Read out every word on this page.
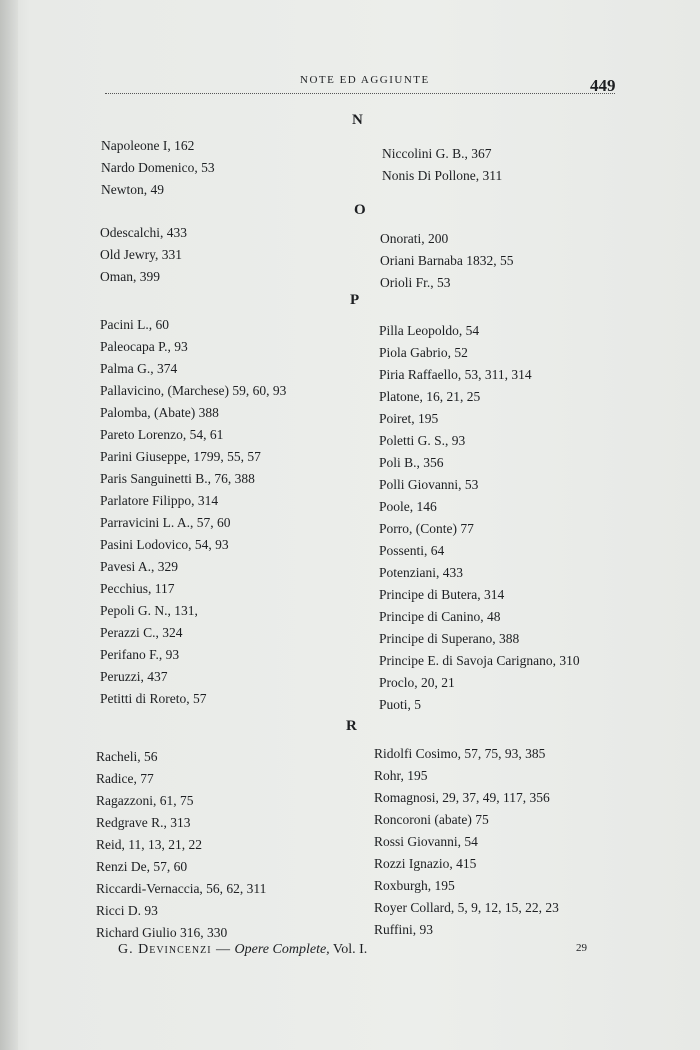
NOTE ED AGGIUNTE	449
N
Napoleone I, 162
Nardo Domenico, 53
Newton, 49
Niccolini G. B., 367
Nonis Di Pollone, 311
O
Odescalchi, 433
Old Jewry, 331
Oman, 399
Onorati, 200
Oriani Barnaba 1832, 55
Orioli Fr., 53
P
Pacini L., 60
Paleocapa P., 93
Palma G., 374
Pallavicino, (Marchese) 59, 60, 93
Palomba, (Abate) 388
Pareto Lorenzo, 54, 61
Parini Giuseppe, 1799, 55, 57
Paris Sanguinetti B., 76, 388
Parlatore Filippo, 314
Parravicini L. A., 57, 60
Pasini Lodovico, 54, 93
Pavesi A., 329
Pecchius, 117
Pepoli G. N., 131,
Perazzi C., 324
Perifano F., 93
Peruzzi, 437
Petitti di Roreto, 57
Pilla Leopoldo, 54
Piola Gabrio, 52
Piria Raffaello, 53, 311, 314
Platone, 16, 21, 25
Poiret, 195
Poletti G. S., 93
Poli B., 356
Polli Giovanni, 53
Poole, 146
Porro, (Conte) 77
Possenti, 64
Potenziani, 433
Principe di Butera, 314
Principe di Canino, 48
Principe di Superano, 388
Principe E. di Savoja Carignano, 310
Proclo, 20, 21
Puoti, 5
R
Racheli, 56
Radice, 77
Ragazzoni, 61, 75
Redgrave R., 313
Reid, 11, 13, 21, 22
Renzi De, 57, 60
Riccardi-Vernaccia, 56, 62, 311
Ricci D. 93
Richard Giulio 316, 330
Ridolfi Cosimo, 57, 75, 93, 385
Rohr, 195
Romagnosi, 29, 37, 49, 117, 356
Roncoroni (abate) 75
Rossi Giovanni, 54
Rozzi Ignazio, 415
Roxburgh, 195
Royer Collard, 5, 9, 12, 15, 22, 23
Ruffini, 93
G. Devincenzi — Opere Complete, Vol. I.	29
